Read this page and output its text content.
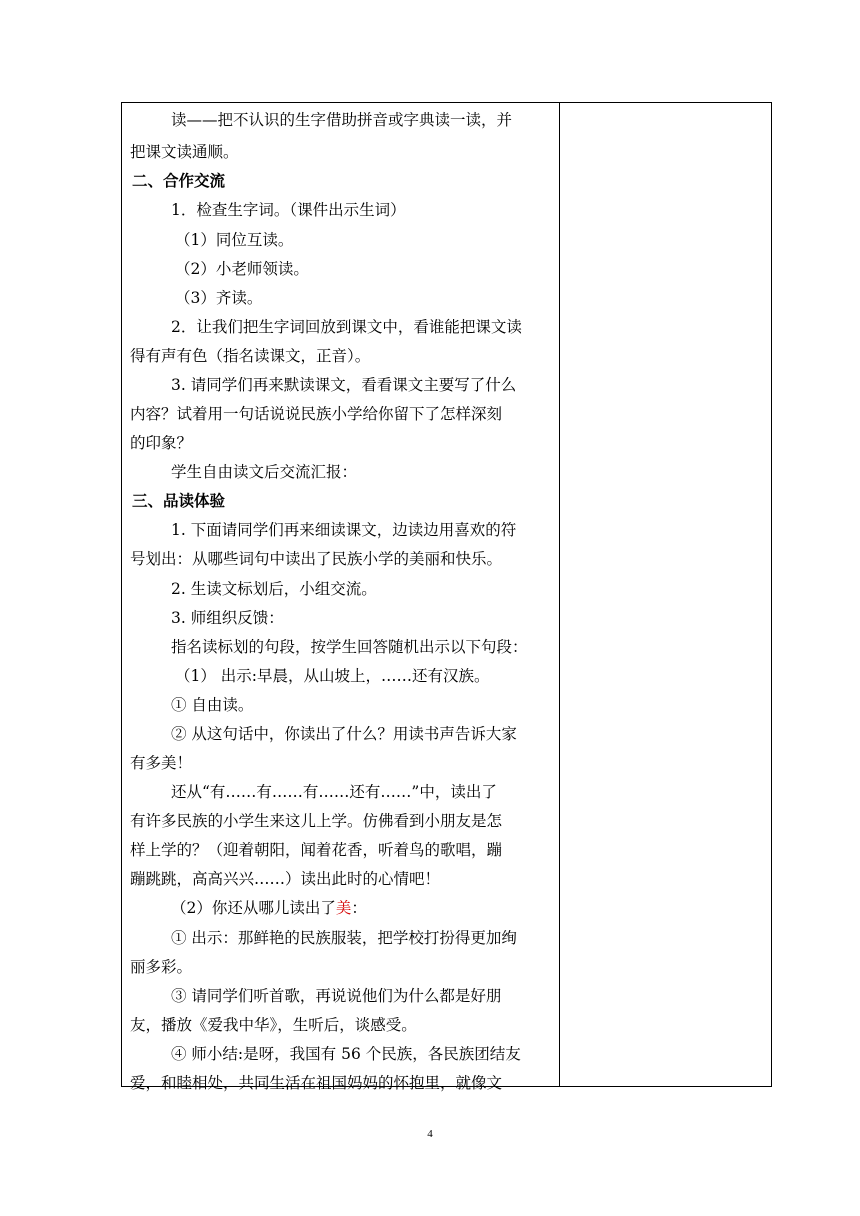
读——把不认识的生字借助拼音或字典读一读，并
把课文读通顺。
二、合作交流
1．检查生字词。（课件出示生词）
（1）同位互读。
（2）小老师领读。
（3）齐读。
2．让我们把生字词回放到课文中，看谁能把课文读
得有声有色（指名读课文，正音）。
3. 请同学们再来默读课文，看看课文主要写了什么
内容？试着用一句话说说民族小学给你留下了怎样深刻
的印象？
学生自由读文后交流汇报：
三、品读体验
1. 下面请同学们再来细读课文，边读边用喜欢的符
号划出：从哪些词句中读出了民族小学的美丽和快乐。
2. 生读文标划后，小组交流。
3. 师组织反馈：
指名读标划的句段，按学生回答随机出示以下句段：
（1） 出示:早晨，从山坡上，……还有汉族。
① 自由读。
② 从这句话中，你读出了什么？用读书声告诉大家
有多美！
还从“有……有……有……还有……”中，读出了
有许多民族的小学生来这儿上学。仿佛看到小朋友是怎
样上学的？（迎着朝阳，闻着花香，听着鸟的歌唱，蹦
蹦跳跳，高高兴兴……）读出此时的心情吧！
（2）你还从哪儿读出了美：
① 出示：那鲜艳的民族服装，把学校打扮得更加绚
丽多彩。
③ 请同学们听首歌，再说说他们为什么都是好朋
友，播放《爱我中华》，生听后，谈感受。
④ 师小结:是呀，我国有 56 个民族，各民族团结友
爱，和睦相处，共同生活在祖国妈妈的怀抱里，就像文
4
